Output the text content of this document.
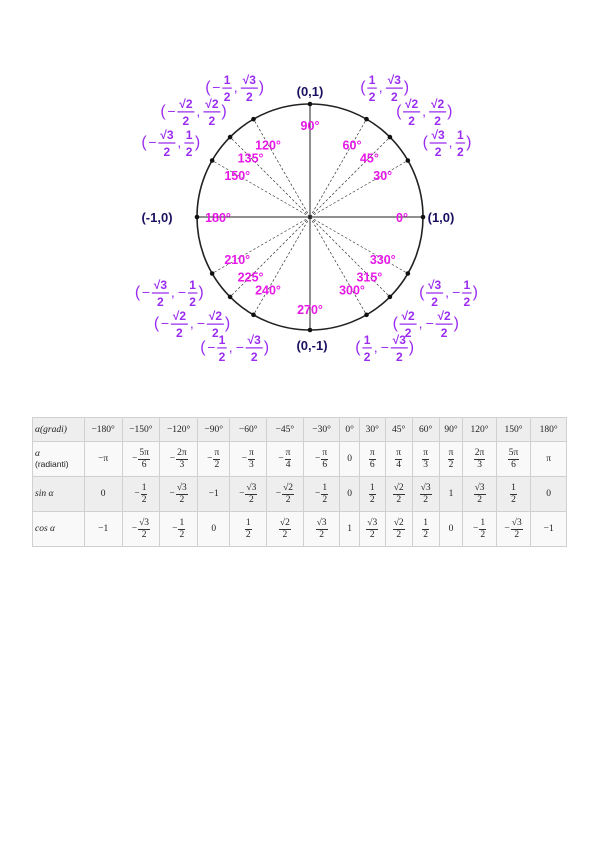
0°
30°
45°
60°
90°
120°
135°
150°
180°
210°
225°
240°
270°
300°
315°
330°
( √3
2
, 1
2
)
( √2
2
, √2
2
)
( 1
2
, √3
2
)
( − 1
2
, √3
2
)
( − √2
2
, √2
2
)
( − √3
2
, 1
2
)
( − √3
2
, − 1
2
)
( − √2
2
, − √2
2
)
( − 1
2
, − √3
2
)	( 1
2
, − √3
2
)
( √2
2
, − √2
2
)
( √3
2
, − 1
2
)
(0,1)
(0,-1)
(-1,0)	(1,0)
α(gradi)	−180°	−150°	−120°	−90°	−60°	−45°	−30°	0°	30°	45°	60°	90°	120°	150°	180°
α
(radianti)	−π	− $\frac{5\pi}{6}$	− $\frac{2\pi}{3}$	− $\frac{\pi}{2}$	− $\frac{\pi}{3}$	− $\frac{\pi}{4}$	− $\frac{\pi}{6}$	0	$\frac{\pi}{6}$	$\frac{\pi}{4}$	$\frac{\pi}{3}$	$\frac{\pi}{2}$	$\frac{2\pi}{3}$	$\frac{5\pi}{6}$	π
sin α	0	− $\frac{1}{2}$	− $\frac{√3}{2}$	−1	− $\frac{√3}{2}$	− $\frac{√2}{2}$	− $\frac{1}{2}$	0	$\frac{1}{2}$	$\frac{√2}{2}$	$\frac{√3}{2}$	1	$\frac{√3}{2}$	$\frac{1}{2}$	0
cos α	−1	− $\frac{√3}{2}$	− $\frac{1}{2}$	0	$\frac{1}{2}$	$\frac{√2}{2}$	$\frac{√3}{2}$	1	$\frac{√3}{2}$	$\frac{√2}{2}$	$\frac{1}{2}$	0	− $\frac{1}{2}$	− $\frac{√3}{2}$	−1
